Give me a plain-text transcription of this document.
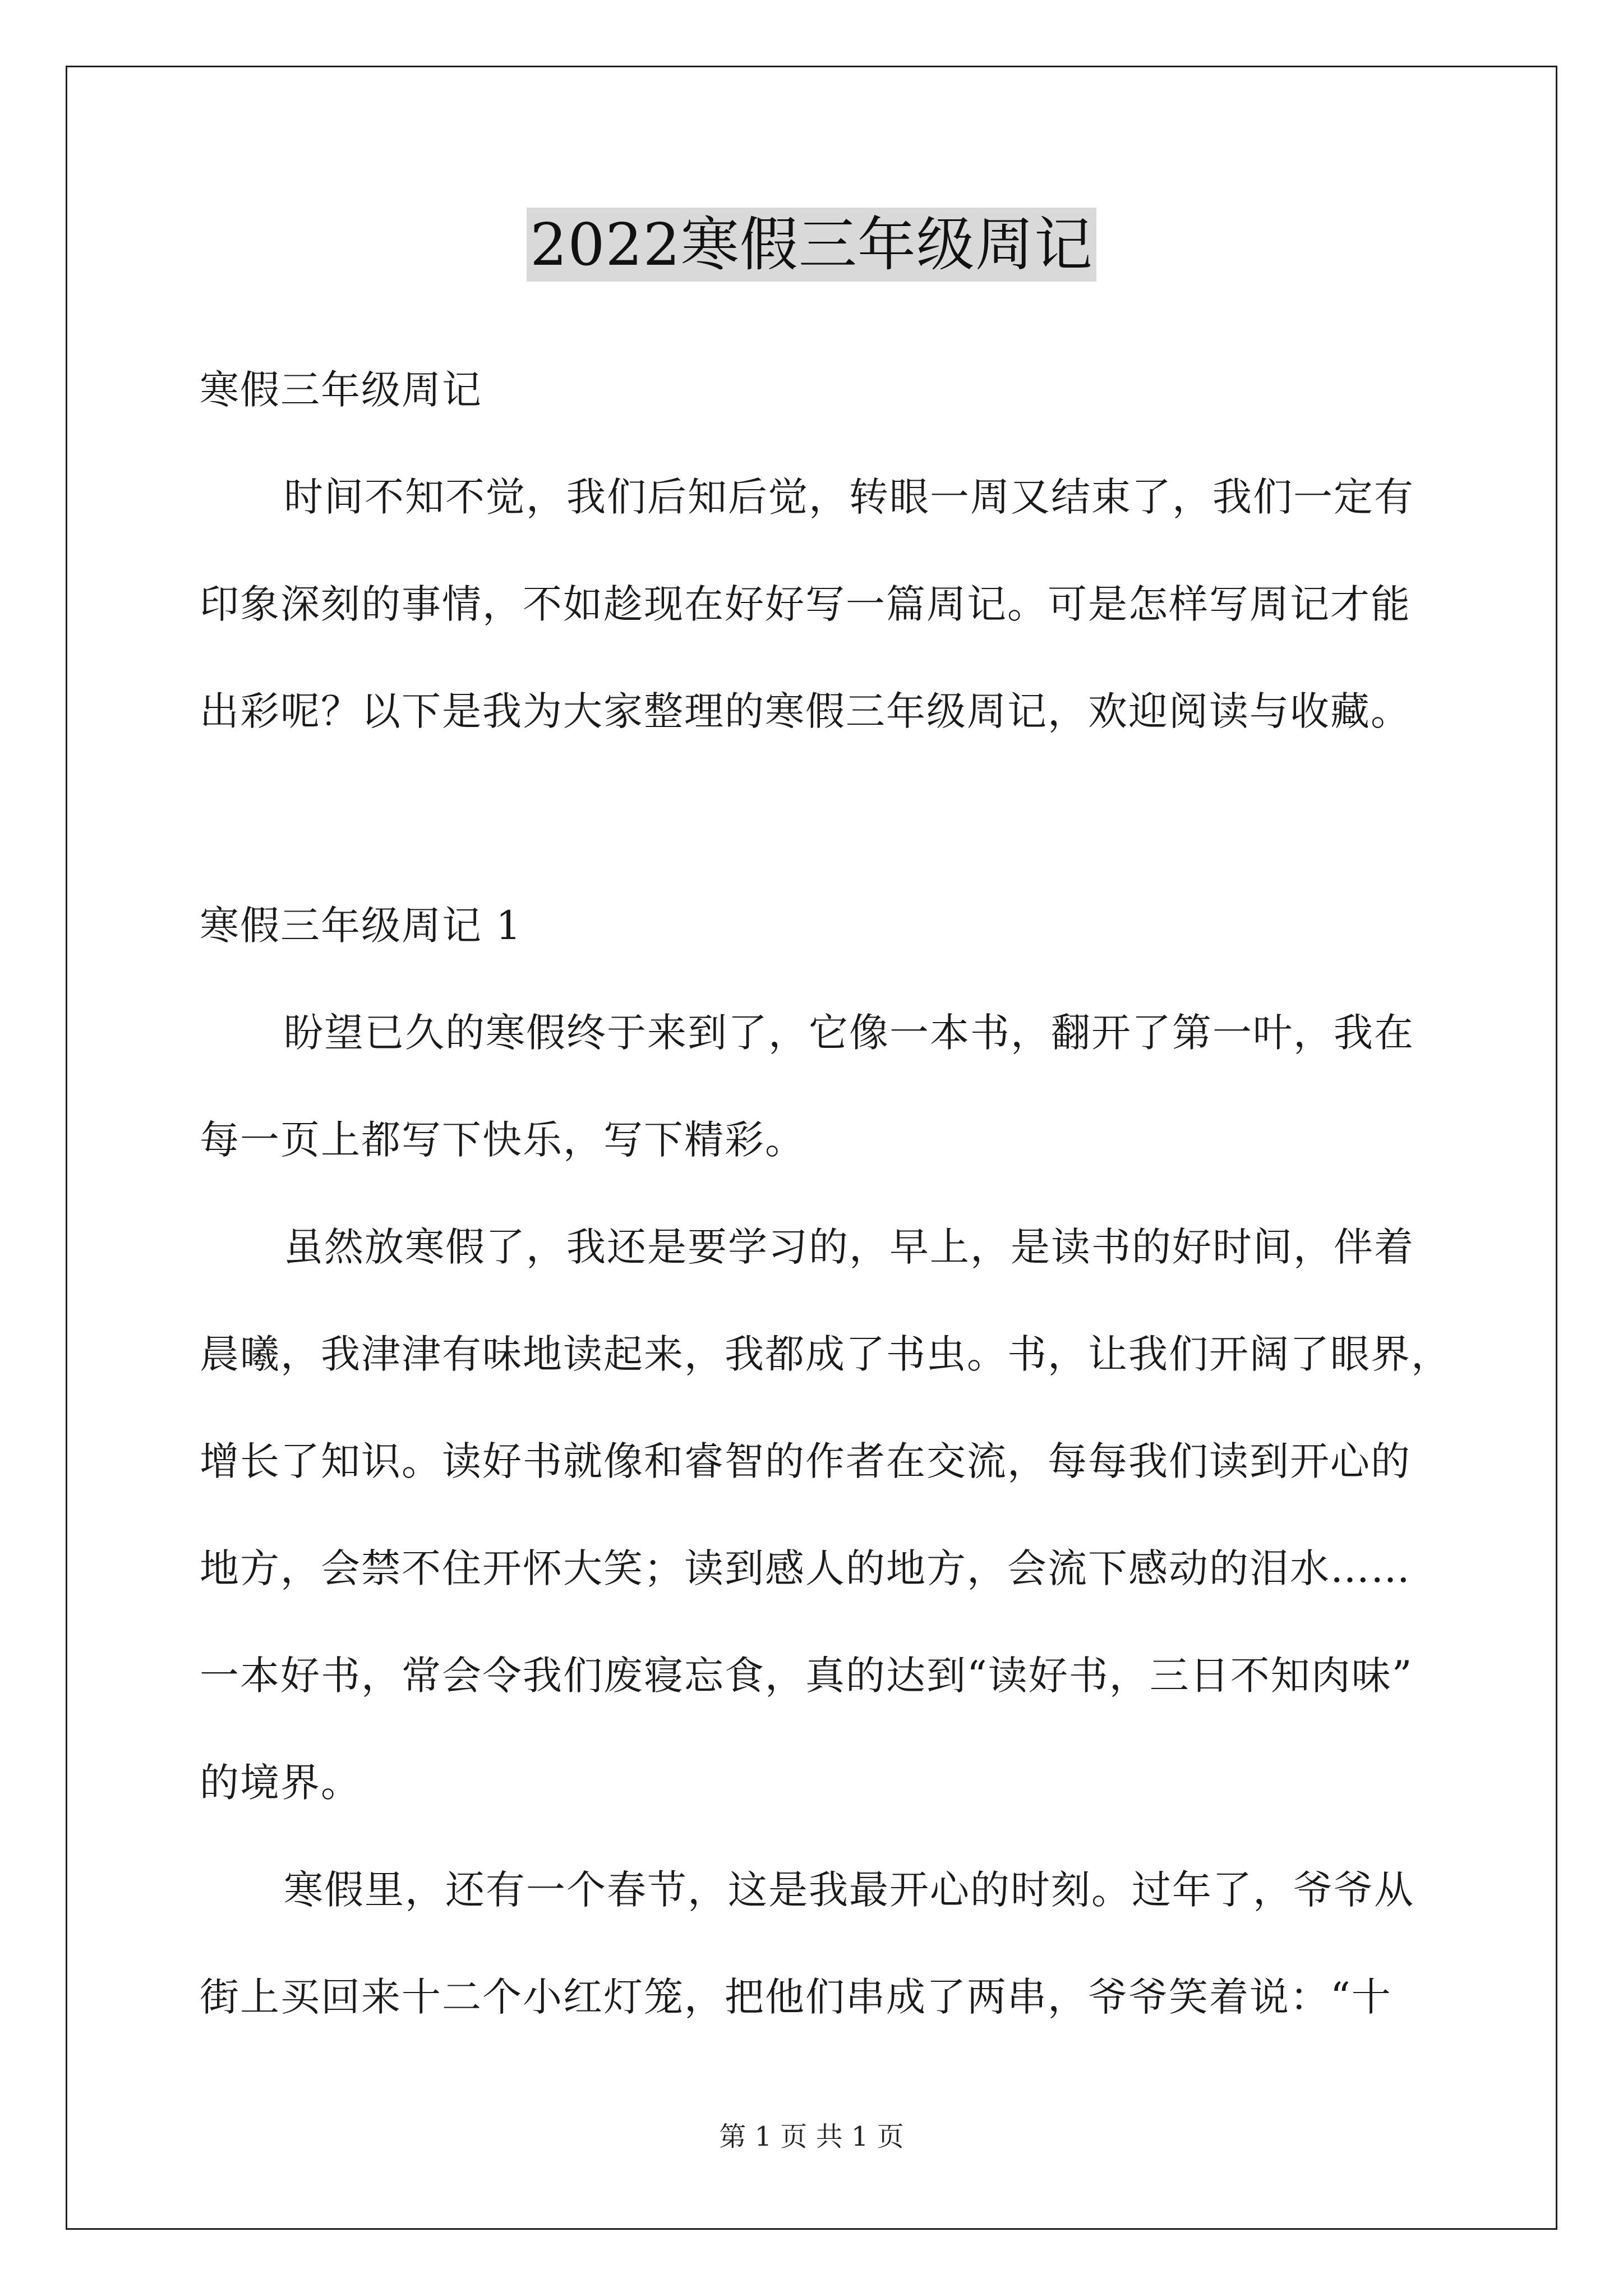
2022寒假三年级周记
寒假三年级周记
时间不知不觉，我们后知后觉，转眼一周又结束了，我们一定有
印象深刻的事情，不如趁现在好好写一篇周记。可是怎样写周记才能
出彩呢？以下是我为大家整理的寒假三年级周记，欢迎阅读与收藏。
寒假三年级周记 1
盼望已久的寒假终于来到了，它像一本书，翻开了第一叶，我在
每一页上都写下快乐，写下精彩。
虽然放寒假了，我还是要学习的，早上，是读书的好时间，伴着
晨曦，我津津有味地读起来，我都成了书虫。书，让我们开阔了眼界，
增长了知识。读好书就像和睿智的作者在交流，每每我们读到开心的
地方，会禁不住开怀大笑；读到感人的地方，会流下感动的泪水……
一本好书，常会令我们废寝忘食，真的达到“读好书，三日不知肉味”
的境界。
寒假里，还有一个春节，这是我最开心的时刻。过年了，爷爷从
街上买回来十二个小红灯笼，把他们串成了两串，爷爷笑着说：“十
第 1 页 共 1 页
